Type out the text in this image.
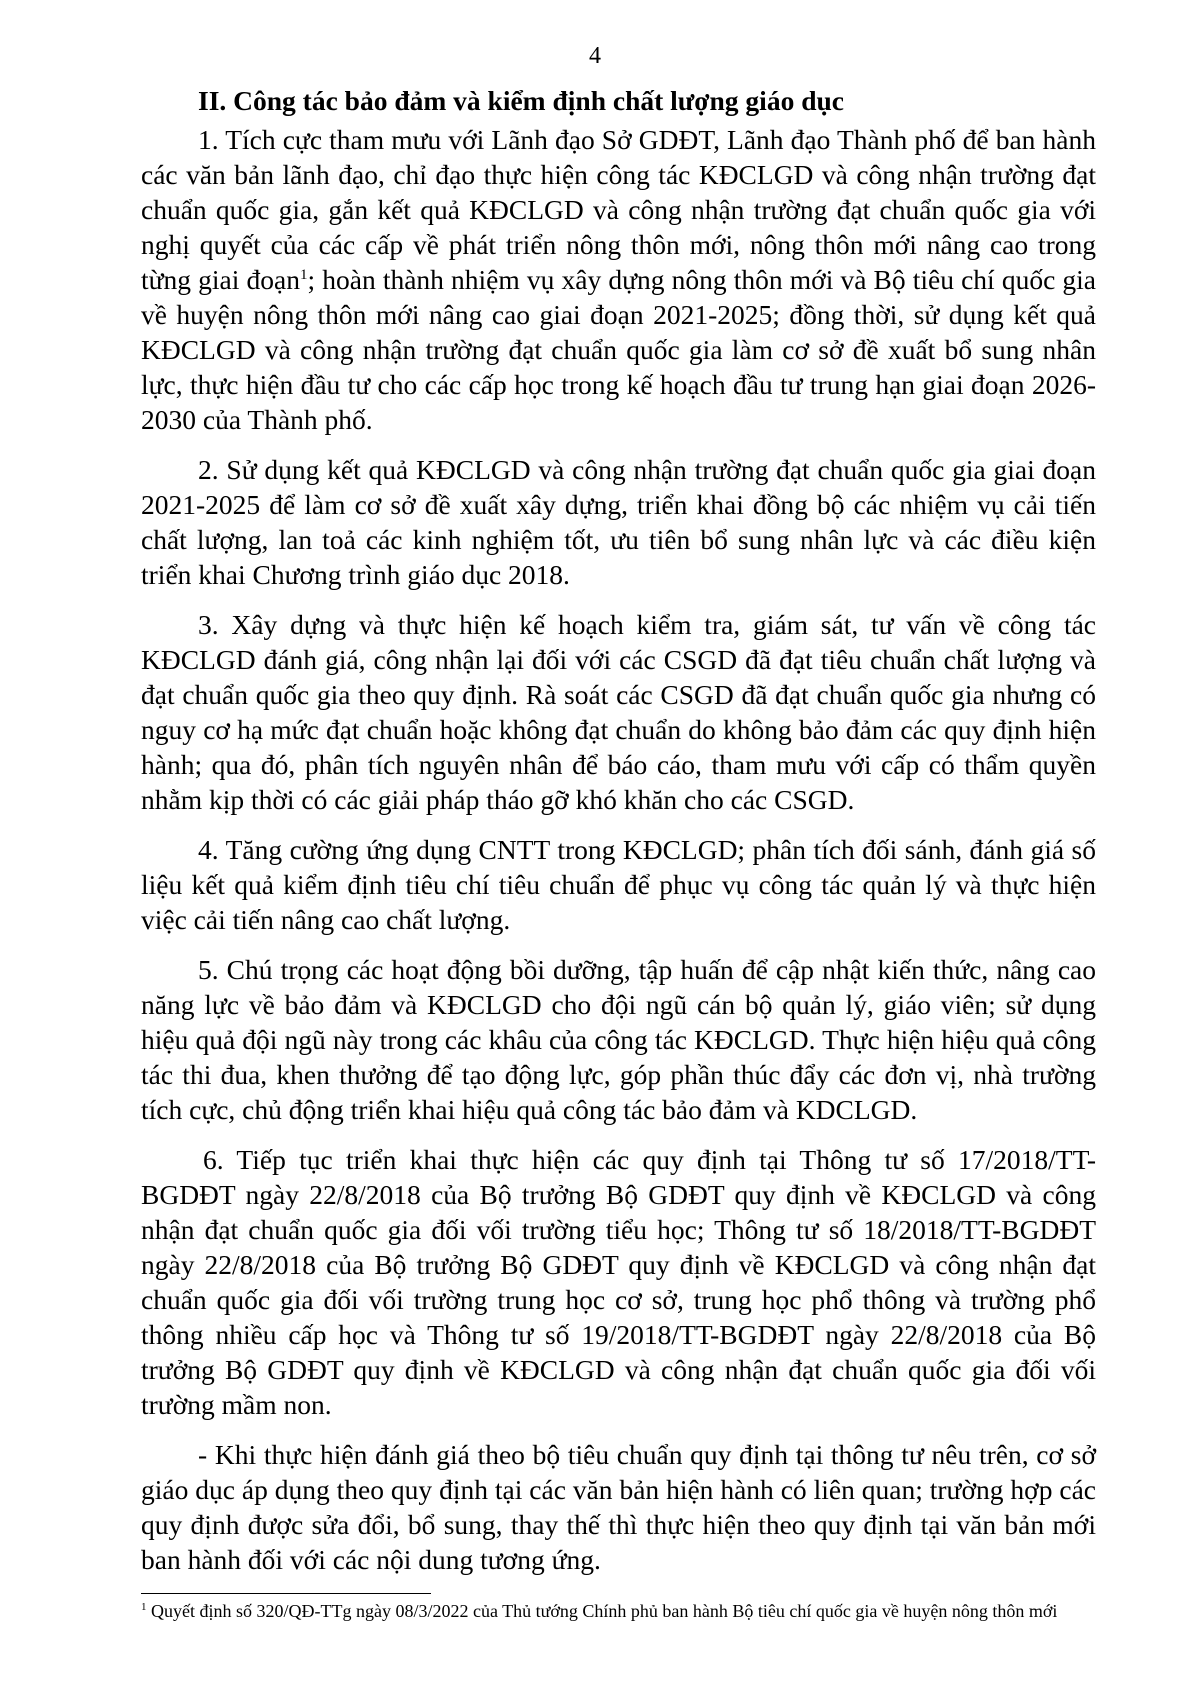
4
II. Công tác bảo đảm và kiểm định chất lượng giáo dục

1. Tích cực tham mưu với Lãnh đạo Sở GDĐT, Lãnh đạo Thành phố để ban hành các văn bản lãnh đạo, chỉ đạo thực hiện công tác KĐCLGD và công nhận trường đạt chuẩn quốc gia, gắn kết quả KĐCLGD và công nhận trường đạt chuẩn quốc gia với nghị quyết của các cấp về phát triển nông thôn mới, nông thôn mới nâng cao trong từng giai đoạn$^1$; hoàn thành nhiệm vụ xây dựng nông thôn mới và Bộ tiêu chí quốc gia về huyện nông thôn mới nâng cao giai đoạn 2021-2025; đồng thời, sử dụng kết quả KĐCLGD và công nhận trường đạt chuẩn quốc gia làm cơ sở đề xuất bổ sung nhân lực, thực hiện đầu tư cho các cấp học trong kế hoạch đầu tư trung hạn giai đoạn 2026-2030 của Thành phố.

2. Sử dụng kết quả KĐCLGD và công nhận trường đạt chuẩn quốc gia giai đoạn 2021-2025 để làm cơ sở đề xuất xây dựng, triển khai đồng bộ các nhiệm vụ cải tiến chất lượng, lan toả các kinh nghiệm tốt, ưu tiên bổ sung nhân lực và các điều kiện triển khai Chương trình giáo dục 2018.

3. Xây dựng và thực hiện kế hoạch kiểm tra, giám sát, tư vấn về công tác KĐCLGD đánh giá, công nhận lại đối với các CSGD đã đạt tiêu chuẩn chất lượng và đạt chuẩn quốc gia theo quy định. Rà soát các CSGD đã đạt chuẩn quốc gia nhưng có nguy cơ hạ mức đạt chuẩn hoặc không đạt chuẩn do không bảo đảm các quy định hiện hành; qua đó, phân tích nguyên nhân để báo cáo, tham mưu với cấp có thẩm quyền nhằm kịp thời có các giải pháp tháo gỡ khó khăn cho các CSGD.

4. Tăng cường ứng dụng CNTT trong KĐCLGD; phân tích đối sánh, đánh giá số liệu kết quả kiểm định tiêu chí tiêu chuẩn để phục vụ công tác quản lý và thực hiện việc cải tiến nâng cao chất lượng.

5. Chú trọng các hoạt động bồi dưỡng, tập huấn để cập nhật kiến thức, nâng cao năng lực về bảo đảm và KĐCLGD cho đội ngũ cán bộ quản lý, giáo viên; sử dụng hiệu quả đội ngũ này trong các khâu của công tác KĐCLGD. Thực hiện hiệu quả công tác thi đua, khen thưởng để tạo động lực, góp phần thúc đẩy các đơn vị, nhà trường tích cực, chủ động triển khai hiệu quả công tác bảo đảm và KDCLGD.

6. Tiếp tục triển khai thực hiện các quy định tại Thông tư số 17/2018/TT-BGDĐT ngày 22/8/2018 của Bộ trưởng Bộ GDĐT quy định về KĐCLGD và công nhận đạt chuẩn quốc gia đối vối trường tiểu học; Thông tư số 18/2018/TT-BGDĐT ngày 22/8/2018 của Bộ trưởng Bộ GDĐT quy định về KĐCLGD và công nhận đạt chuẩn quốc gia đối vối trường trung học cơ sở, trung học phổ thông và trường phổ thông nhiều cấp học và Thông tư số 19/2018/TT-BGDĐT ngày 22/8/2018 của Bộ trưởng Bộ GDĐT quy định về KĐCLGD và công nhận đạt chuẩn quốc gia đối vối trường mầm non.

- Khi thực hiện đánh giá theo bộ tiêu chuẩn quy định tại thông tư nêu trên, cơ sở giáo dục áp dụng theo quy định tại các văn bản hiện hành có liên quan; trường hợp các quy định được sửa đổi, bổ sung, thay thế thì thực hiện theo quy định tại văn bản mới ban hành đối với các nội dung tương ứng.

$^1$ Quyết định số 320/QĐ-TTg ngày 08/3/2022 của Thủ tướng Chính phủ ban hành Bộ tiêu chí quốc gia về huyện nông thôn mới
